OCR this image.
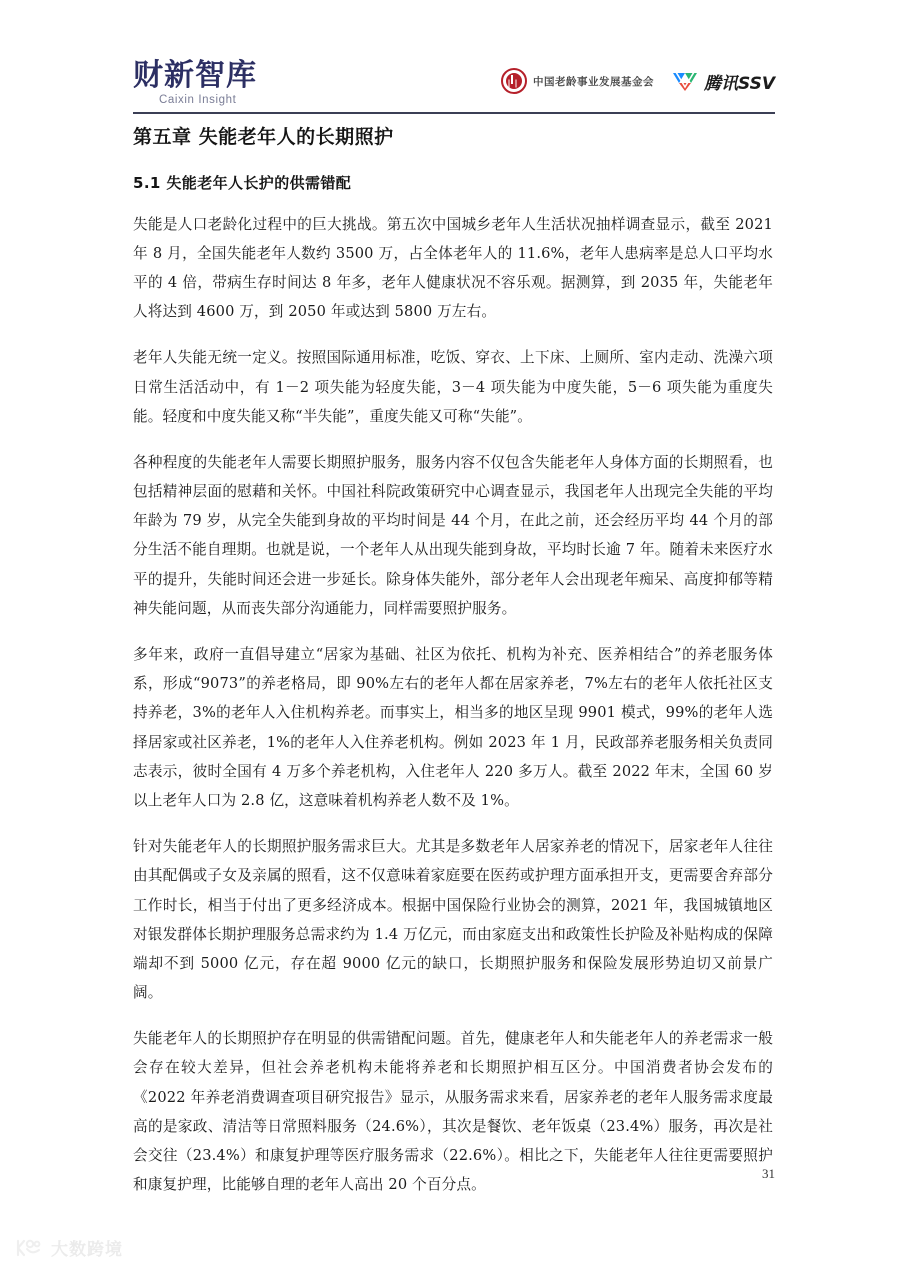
财新智库
Caixin Insight
中国老龄事业发展基金会	腾讯SSV
第五章 失能老年人的长期照护
5.1 失能老年人长护的供需错配

失能是人口老龄化过程中的巨大挑战。第五次中国城乡老年人生活状况抽样调查显示，截至 2021 年 8 月，全国失能老年人数约 3500 万，占全体老年人的 11.6%，老年人患病率是总人口平均水平的 4 倍，带病生存时间达 8 年多，老年人健康状况不容乐观。据测算，到 2035 年，失能老年人将达到 4600 万，到 2050 年或达到 5800 万左右。

老年人失能无统一定义。按照国际通用标准，吃饭、穿衣、上下床、上厕所、室内走动、洗澡六项日常生活活动中，有 1－2 项失能为轻度失能，3－4 项失能为中度失能，5－6 项失能为重度失能。轻度和中度失能又称“半失能”，重度失能又可称“失能”。

各种程度的失能老年人需要长期照护服务，服务内容不仅包含失能老年人身体方面的长期照看，也包括精神层面的慰藉和关怀。中国社科院政策研究中心调查显示，我国老年人出现完全失能的平均年龄为 79 岁，从完全失能到身故的平均时间是 44 个月，在此之前，还会经历平均 44 个月的部分生活不能自理期。也就是说，一个老年人从出现失能到身故，平均时长逾 7 年。随着未来医疗水平的提升，失能时间还会进一步延长。除身体失能外，部分老年人会出现老年痴呆、高度抑郁等精神失能问题，从而丧失部分沟通能力，同样需要照护服务。

多年来，政府一直倡导建立“居家为基础、社区为依托、机构为补充、医养相结合”的养老服务体系，形成“9073”的养老格局，即 90%左右的老年人都在居家养老，7%左右的老年人依托社区支持养老，3%的老年人入住机构养老。而事实上，相当多的地区呈现 9901 模式，99%的老年人选择居家或社区养老，1%的老年人入住养老机构。例如 2023 年 1 月，民政部养老服务相关负责同志表示，彼时全国有 4 万多个养老机构，入住老年人 220 多万人。截至 2022 年末，全国 60 岁以上老年人口为 2.8 亿，这意味着机构养老人数不及 1%。

针对失能老年人的长期照护服务需求巨大。尤其是多数老年人居家养老的情况下，居家老年人往往由其配偶或子女及亲属的照看，这不仅意味着家庭要在医药或护理方面承担开支，更需要舍弃部分工作时长，相当于付出了更多经济成本。根据中国保险行业协会的测算，2021 年，我国城镇地区对银发群体长期护理服务总需求约为 1.4 万亿元，而由家庭支出和政策性长护险及补贴构成的保障端却不到 5000 亿元，存在超 9000 亿元的缺口，长期照护服务和保险发展形势迫切又前景广阔。

失能老年人的长期照护存在明显的供需错配问题。首先，健康老年人和失能老年人的养老需求一般会存在较大差异，但社会养老机构未能将养老和长期照护相互区分。中国消费者协会发布的《2022 年养老消费调查项目研究报告》显示，从服务需求来看，居家养老的老年人服务需求度最高的是家政、清洁等日常照料服务（24.6%），其次是餐饮、老年饭桌（23.4%）服务，再次是社会交往（23.4%）和康复护理等医疗服务需求（22.6%）。相比之下，失能老年人往往更需要照护和康复护理，比能够自理的老年人高出 20 个百分点。

31
大数跨境
